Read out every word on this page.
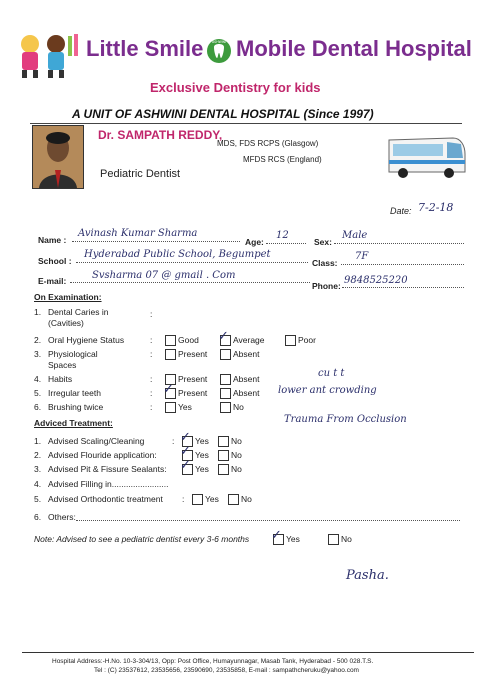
Little Smile	ASHWINI Mobile Dental Hospital
Exclusive Dentistry for kids
A UNIT OF ASHWINI DENTAL HOSPITAL (Since 1997)
Dr. SAMPATH REDDY,
MDS, FDS RCPS (Glasgow)
MFDS RCS (England)
Pediatric Dentist
Date: 7-2-18
Name :
Avinash Kumar Sharma
Age:
12
Sex:
Male
School :
Hyderabad Public School, Begumpet
Class:
7F
E-mail:	Svsharma 07 @ gmail . Com
Phone: 9848525220
On Examination:
1. Dental Caries in
(Cavities)
:
2. Oral Hygiene Status	:	Good ✓ Average	Poor
3. Physiological
Spaces
:	Present	Absent
4. Habits	:	Present	Absent
5. Irregular teeth	: ✓ Present	Absent
6. Brushing twice	:	Yes	No
cu t t
lower ant crowding
Trauma From Occlusion
Adviced Treatment:
1. Advised Scaling/Cleaning	: ✓ Yes	No
2. Advised Flouride application: ✓ Yes	No
3. Advised Pit & Fissure Sealants: ✓ Yes	No
4. Advised Filling in........................
5. Advised Orthodontic treatment : Yes	No
6. Others:
Note: Advised to see a pediatric dentist every 3-6 months ✓ Yes	No
Pasha.
Hospital Address:-H.No. 10-3-304/13, Opp: Post Office, Humayunnagar, Masab Tank, Hyderabad - 500 028.T.S.
Tel : (C) 23537612, 23535656, 23590690, 23535858, E-mail : sampathcheruku@yahoo.com
